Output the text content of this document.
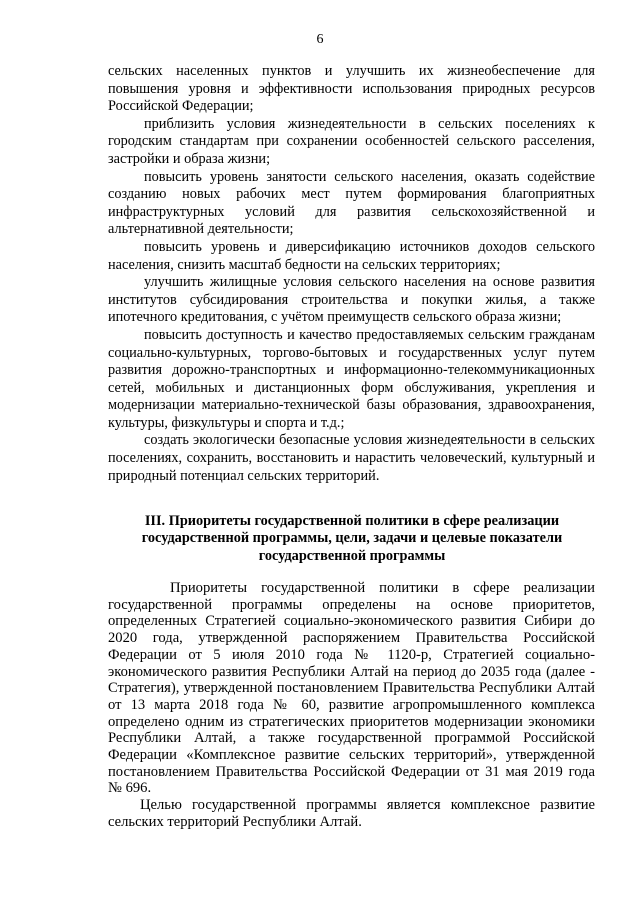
6

сельских населенных пунктов и улучшить их жизнеобеспечение для повышения уровня и эффективности использования природных ресурсов Российской Федерации;

приблизить условия жизнедеятельности в сельских поселениях к городским стандартам при сохранении особенностей сельского расселения, застройки и образа жизни;

повысить уровень занятости сельского населения, оказать содействие созданию новых рабочих мест путем формирования благоприятных инфраструктурных условий для развития сельскохозяйственной и альтернативной деятельности;

повысить уровень и диверсификацию источников доходов сельского населения, снизить масштаб бедности на сельских территориях;

улучшить жилищные условия сельского населения на основе развития институтов субсидирования строительства и покупки жилья, а также ипотечного кредитования, с учётом преимуществ сельского образа жизни;

повысить доступность и качество предоставляемых сельским гражданам социально-культурных, торгово-бытовых и государственных услуг путем развития дорожно-транспортных и информационно-телекоммуникационных сетей, мобильных и дистанционных форм обслуживания, укрепления и модернизации материально-технической базы образования, здравоохранения, культуры, физкультуры и спорта и т.д.;

создать экологически безопасные условия жизнедеятельности в сельских поселениях, сохранить, восстановить и нарастить человеческий, культурный и природный потенциал сельских территорий.

III. Приоритеты государственной политики в сфере реализации государственной программы, цели, задачи и целевые показатели государственной программы

Приоритеты государственной политики в сфере реализации государственной программы определены на основе приоритетов, определенных Стратегией социально-экономического развития Сибири до 2020 года, утвержденной распоряжением Правительства Российской Федерации от 5 июля 2010 года № 1120-р, Стратегией социально-экономического развития Республики Алтай на период до 2035 года (далее - Стратегия), утвержденной постановлением Правительства Республики Алтай от 13 марта 2018 года № 60, развитие агропромышленного комплекса определено одним из стратегических приоритетов модернизации экономики Республики Алтай, а также государственной программой Российской Федерации «Комплексное развитие сельских территорий», утвержденной постановлением Правительства Российской Федерации от 31 мая 2019 года № 696.

Целью государственной программы является комплексное развитие сельских территорий Республики Алтай.
